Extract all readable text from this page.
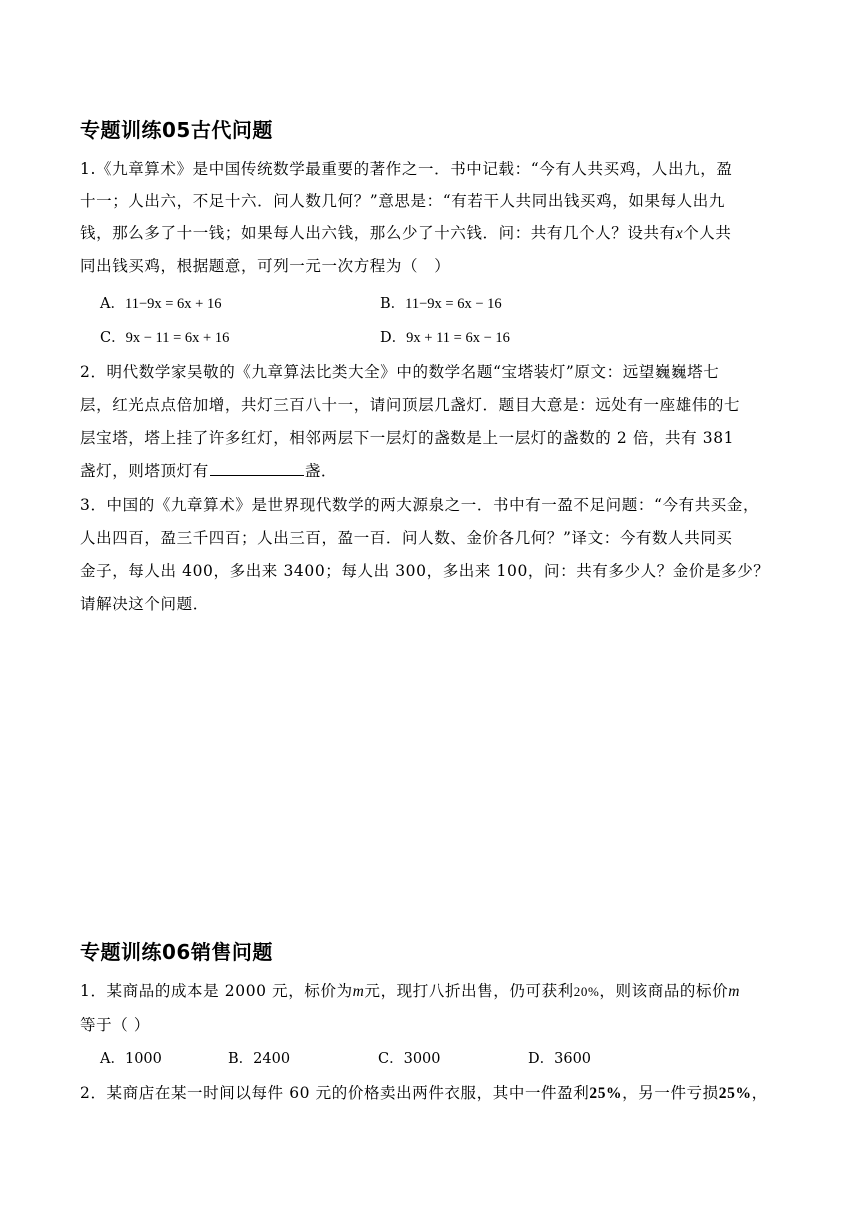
专题训练05古代问题
1.《九章算术》是中国传统数学最重要的著作之一．书中记载：“今有人共买鸡，人出九，盈
十一；人出六，不足十六．问人数几何？”意思是：“有若干人共同出钱买鸡，如果每人出九
钱，那么多了十一钱；如果每人出六钱，那么少了十六钱．问：共有几个人？设共有x个人共
同出钱买鸡，根据题意，可列一元一次方程为（　）
A．11−9x = 6x + 16	B．11−9x = 6x − 16
C．9x − 11 = 6x + 16	D．9x + 11 = 6x − 16
2．明代数学家吴敬的《九章算法比类大全》中的数学名题“宝塔装灯”原文：远望巍巍塔七
层，红光点点倍加增，共灯三百八十一，请问顶层几盏灯．题目大意是：远处有一座雄伟的七
层宝塔，塔上挂了许多红灯，相邻两层下一层灯的盏数是上一层灯的盏数的 2 倍，共有 381
盏灯，则塔顶灯有	盏．
3．中国的《九章算术》是世界现代数学的两大源泉之一．书中有一盈不足问题：“今有共买金，
人出四百，盈三千四百；人出三百，盈一百．问人数、金价各几何？”译文：今有数人共同买
金子，每人出 400，多出来 3400；每人出 300，多出来 100，问：共有多少人？金价是多少？
请解决这个问题．
专题训练06销售问题
1．某商品的成本是 2000 元，标价为m元，现打八折出售，仍可获利20%，则该商品的标价m
等于（ ）
A．1000	B．2400	C．3000	D．3600
2．某商店在某一时间以每件 60 元的价格卖出两件衣服，其中一件盈利25%，另一件亏损25%，
